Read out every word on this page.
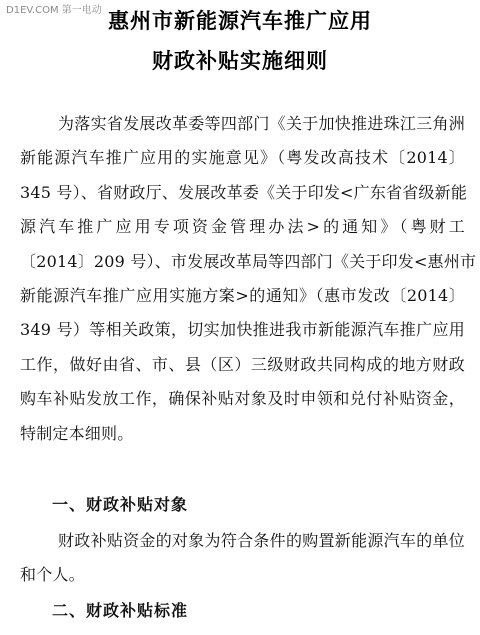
D1EV.COM 第一电动 惠州市新能源汽车推广应用
财政补贴实施细则
为落实省发展改革委等四部门《关于加快推进珠江三角洲
新能源汽车推广应用的实施意见》（粤发改高技术〔2014〕
345 号）、省财政厅、发展改革委《关于印发<广东省省级新能
源汽车推广应用专项资金管理办法>的通知》（粤财工
〔2014〕209 号）、市发展改革局等四部门《关于印发<惠州市
新能源汽车推广应用实施方案>的通知》（惠市发改〔2014〕
349 号）等相关政策，切实加快推进我市新能源汽车推广应用
工作，做好由省、市、县（区）三级财政共同构成的地方财政
购车补贴发放工作，确保补贴对象及时申领和兑付补贴资金，
特制定本细则。
一、财政补贴对象
财政补贴资金的对象为符合条件的购置新能源汽车的单位
和个人。
二、财政补贴标准
